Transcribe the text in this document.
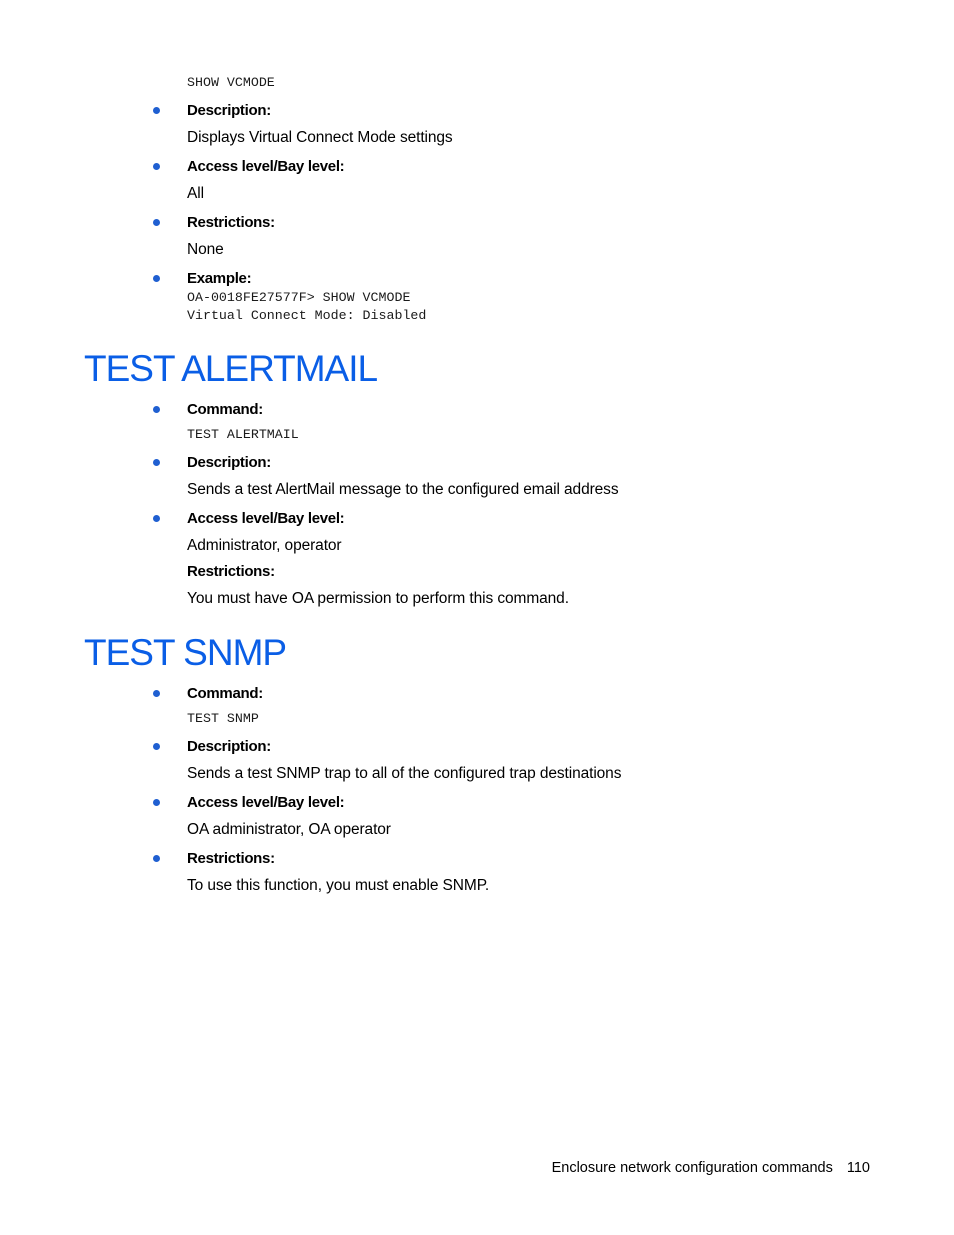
SHOW VCMODE
Description:
Displays Virtual Connect Mode settings
Access level/Bay level:
All
Restrictions:
None
Example:
OA-0018FE27577F> SHOW VCMODE
Virtual Connect Mode: Disabled
TEST ALERTMAIL
Command:
TEST ALERTMAIL
Description:
Sends a test AlertMail message to the configured email address
Access level/Bay level:
Administrator, operator
Restrictions:
You must have OA permission to perform this command.
TEST SNMP
Command:
TEST SNMP
Description:
Sends a test SNMP trap to all of the configured trap destinations
Access level/Bay level:
OA administrator, OA operator
Restrictions:
To use this function, you must enable SNMP.
Enclosure network configuration commands 110
